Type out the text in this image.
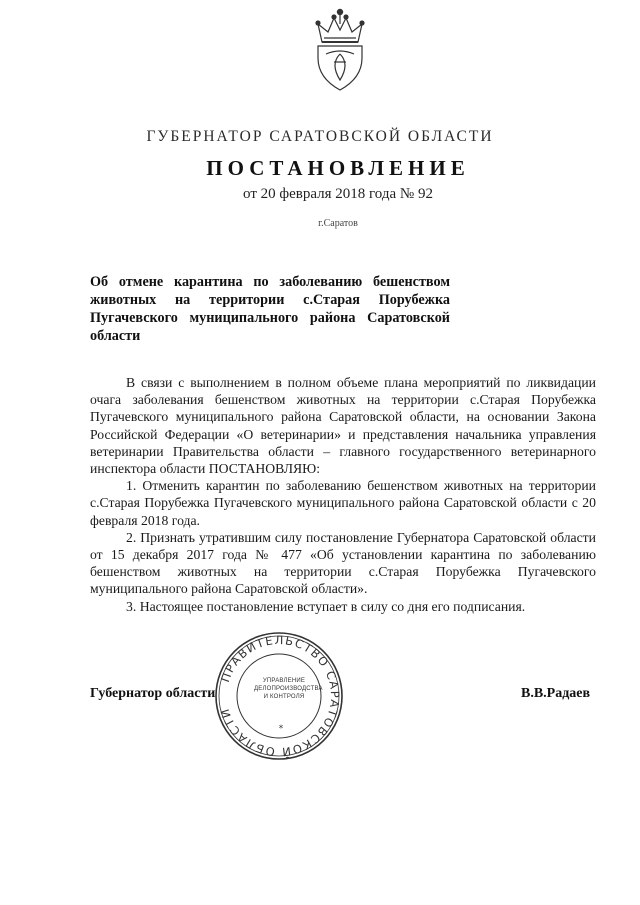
ГУБЕРНАТОР САРАТОВСКОЙ ОБЛАСТИ
ПОСТАНОВЛЕНИЕ
от 20 февраля 2018 года № 92
г.Саратов
Об отмене карантина по заболеванию бешенством
животных на территории с.Старая Порубежка
Пугачевского муниципального района Саратовской
области

В связи с выполнением в полном объеме плана мероприятий по ликвидации очага заболевания бешенством животных на территории с.Старая Порубежка Пугачевского муниципального района Саратовской области, на основании Закона Российской Федерации «О ветеринарии» и представления начальника управления ветеринарии Правительства области – главного государственного ветеринарного инспектора области ПОСТАНОВЛЯЮ:

1. Отменить карантин по заболеванию бешенством животных на территории с.Старая Порубежка Пугачевского муниципального района Саратовской области с 20 февраля 2018 года.

2. Признать утратившим силу постановление Губернатора Саратовской области от 15 декабря 2017 года № 477 «Об установлении карантина по заболеванию бешенством животных на территории с.Старая Порубежка Пугачевского муниципального района Саратовской области».

3. Настоящее постановление вступает в силу со дня его подписания.

Губернатор области	В.В.Радаев
ПРАВИТЕЛЬСТВО САРАТОВСКОЙ ОБЛАСТИ
УПРАВЛЕНИЕ
ДЕЛОПРОИЗВОДСТВА
И КОНТРОЛЯ
*
